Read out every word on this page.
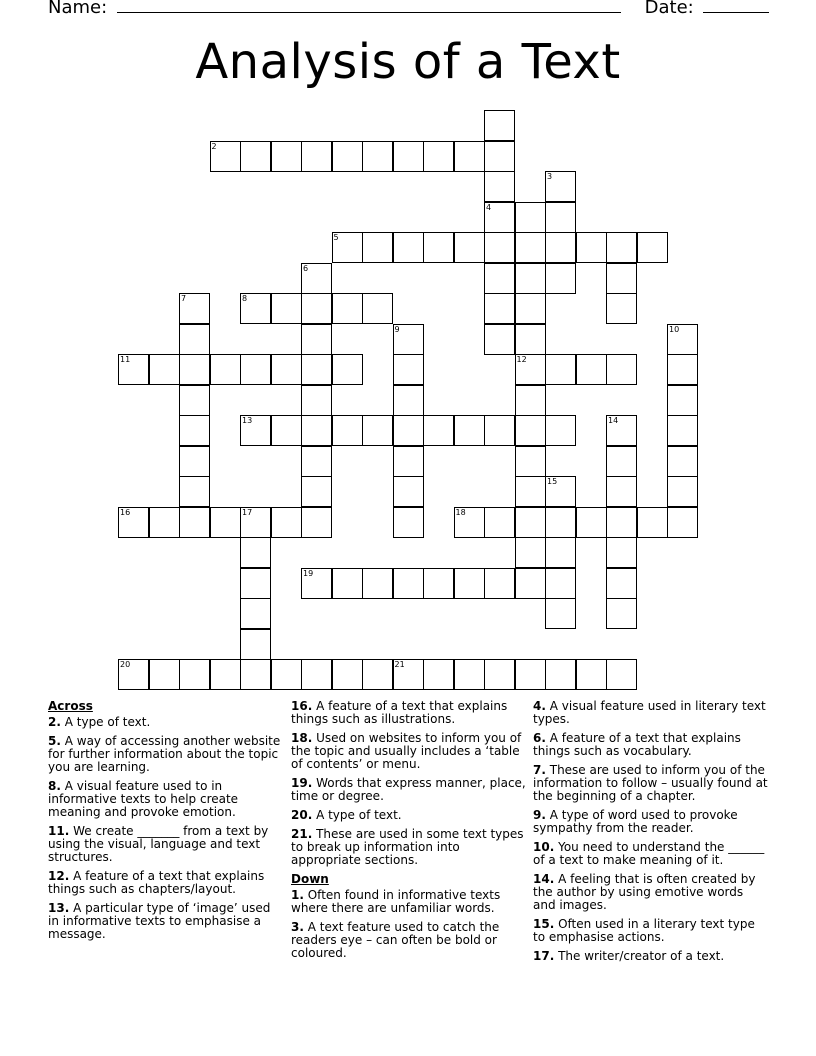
Name:	Date:
Analysis of a Text
4
2
3
5
12
6
7	8
9	10
11
13	14
15
16	17	18
19
20	21
Across
2. A type of text.
5. A way of accessing another website for further information about the topic you are learning.
8. A visual feature used to in informative texts to help create meaning and provoke emotion.
11. We create _______ from a text by using the visual, language and text structures.
12. A feature of a text that explains things such as chapters/layout.
13. A particular type of ‘image’ used in informative texts to emphasise a message.
16. A feature of a text that explains things such as illustrations.
18. Used on websites to inform you of the topic and usually includes a ‘table of contents’ or menu.
19. Words that express manner, place, time or degree.
20. A type of text.
21. These are used in some text types to break up information into appropriate sections.
Down
1. Often found in informative texts where there are unfamiliar words.
3. A text feature used to catch the readers eye – can often be bold or coloured.
4. A visual feature used in literary text types.
6. A feature of a text that explains things such as vocabulary.
7. These are used to inform you of the information to follow – usually found at the beginning of a chapter.
9. A type of word used to provoke sympathy from the reader.
10. You need to understand the ______ of a text to make meaning of it.
14. A feeling that is often created by the author by using emotive words and images.
15. Often used in a literary text type to emphasise actions.
17. The writer/creator of a text.
